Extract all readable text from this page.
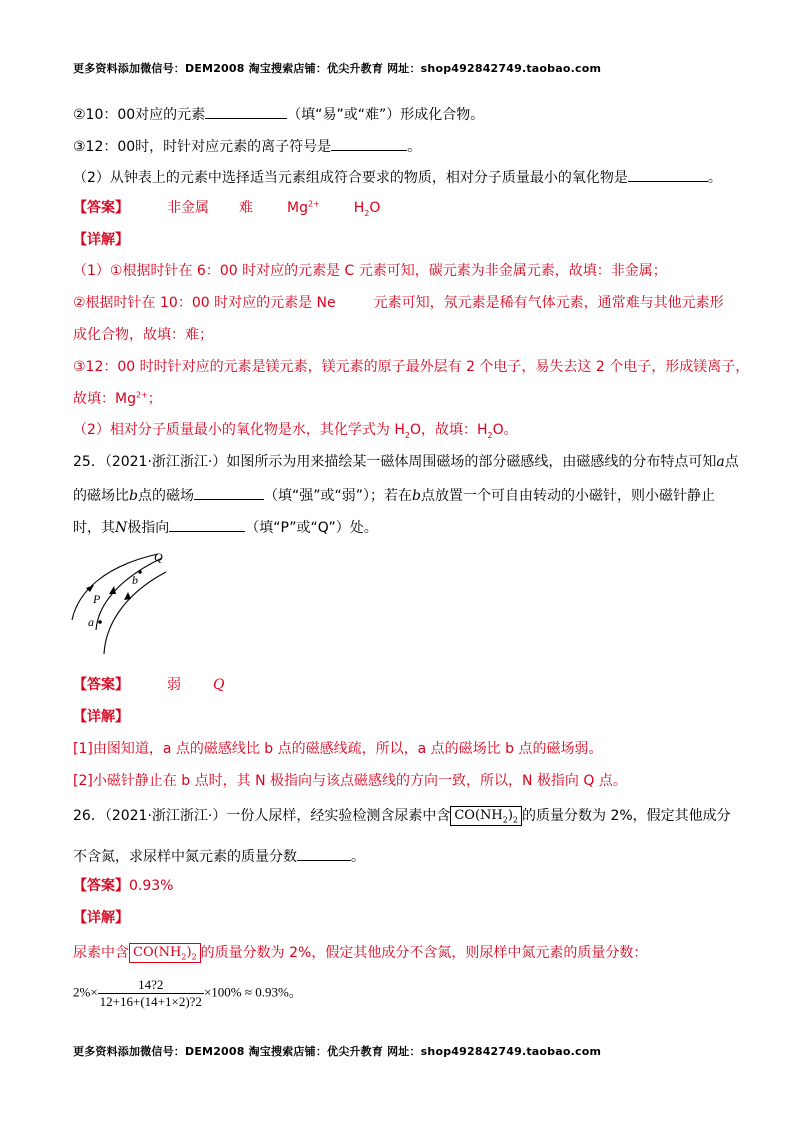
更多资料添加微信号：DEM2008 淘宝搜索店铺：优尖升教育 网址：shop492842749.taobao.com
②10：00对应的元素	（填“易”或“难”）形成化合物。
③12：00时，时针对应元素的离子符号是	。
（2）从钟表上的元素中选择适当元素组成符合要求的物质，相对分子质量最小的氧化物是	。
【答案】	非金属 难 $Mg^{2+}$ $H_2O$
【详解】
（1）①根据时针在 6：00 时对应的元素是 C 元素可知，碳元素为非金属元素，故填：非金属；
②根据时针在 10：00 时对应的元素是 Ne	元素可知，氖元素是稀有气体元素，通常难与其他元素形
成化合物，故填：难；
③12：00 时时针对应的元素是镁元素，镁元素的原子最外层有 2 个电子，易失去这 2 个电子，形成镁离子，
故填：$Mg^{2+}$；
（2）相对分子质量最小的氧化物是水，其化学式为 $H_2O$，故填：$H_2O$。
25．（2021·浙江浙江·）如图所示为用来描绘某一磁体周围磁场的部分磁感线，由磁感线的分布特点可知a点
的磁场比b点的磁场	（填“强”或“弱”）；若在b点放置一个可自由转动的小磁针，则小磁针静止
时，其N极指向	（填“P”或“Q”）处。
Q
b
P
a
【答案】	弱 Q
【详解】
[1]由图知道，a 点的磁感线比 b 点的磁感线疏，所以，a 点的磁场比 b 点的磁场弱。
[2]小磁针静止在 b 点时，其 N 极指向与该点磁感线的方向一致，所以，N 极指向 Q 点。
26．（2021·浙江浙江·）一份人尿样，经实验检测含尿素中含 $CO(NH_2)_2$ 的质量分数为 2%，假定其他成分
不含氮，求尿样中氮元素的质量分数	。
【答案】0.93%
【详解】
尿素中含 $CO(NH_2)_2$ 的质量分数为 2%，假定其他成分不含氮，则尿样中氮元素的质量分数：
$2\%\times \frac{14?2}{12+16+(14+1\times 2)?2} \times 100\% \approx 0.93\%$。
更多资料添加微信号：DEM2008 淘宝搜索店铺：优尖升教育 网址：shop492842749.taobao.com
